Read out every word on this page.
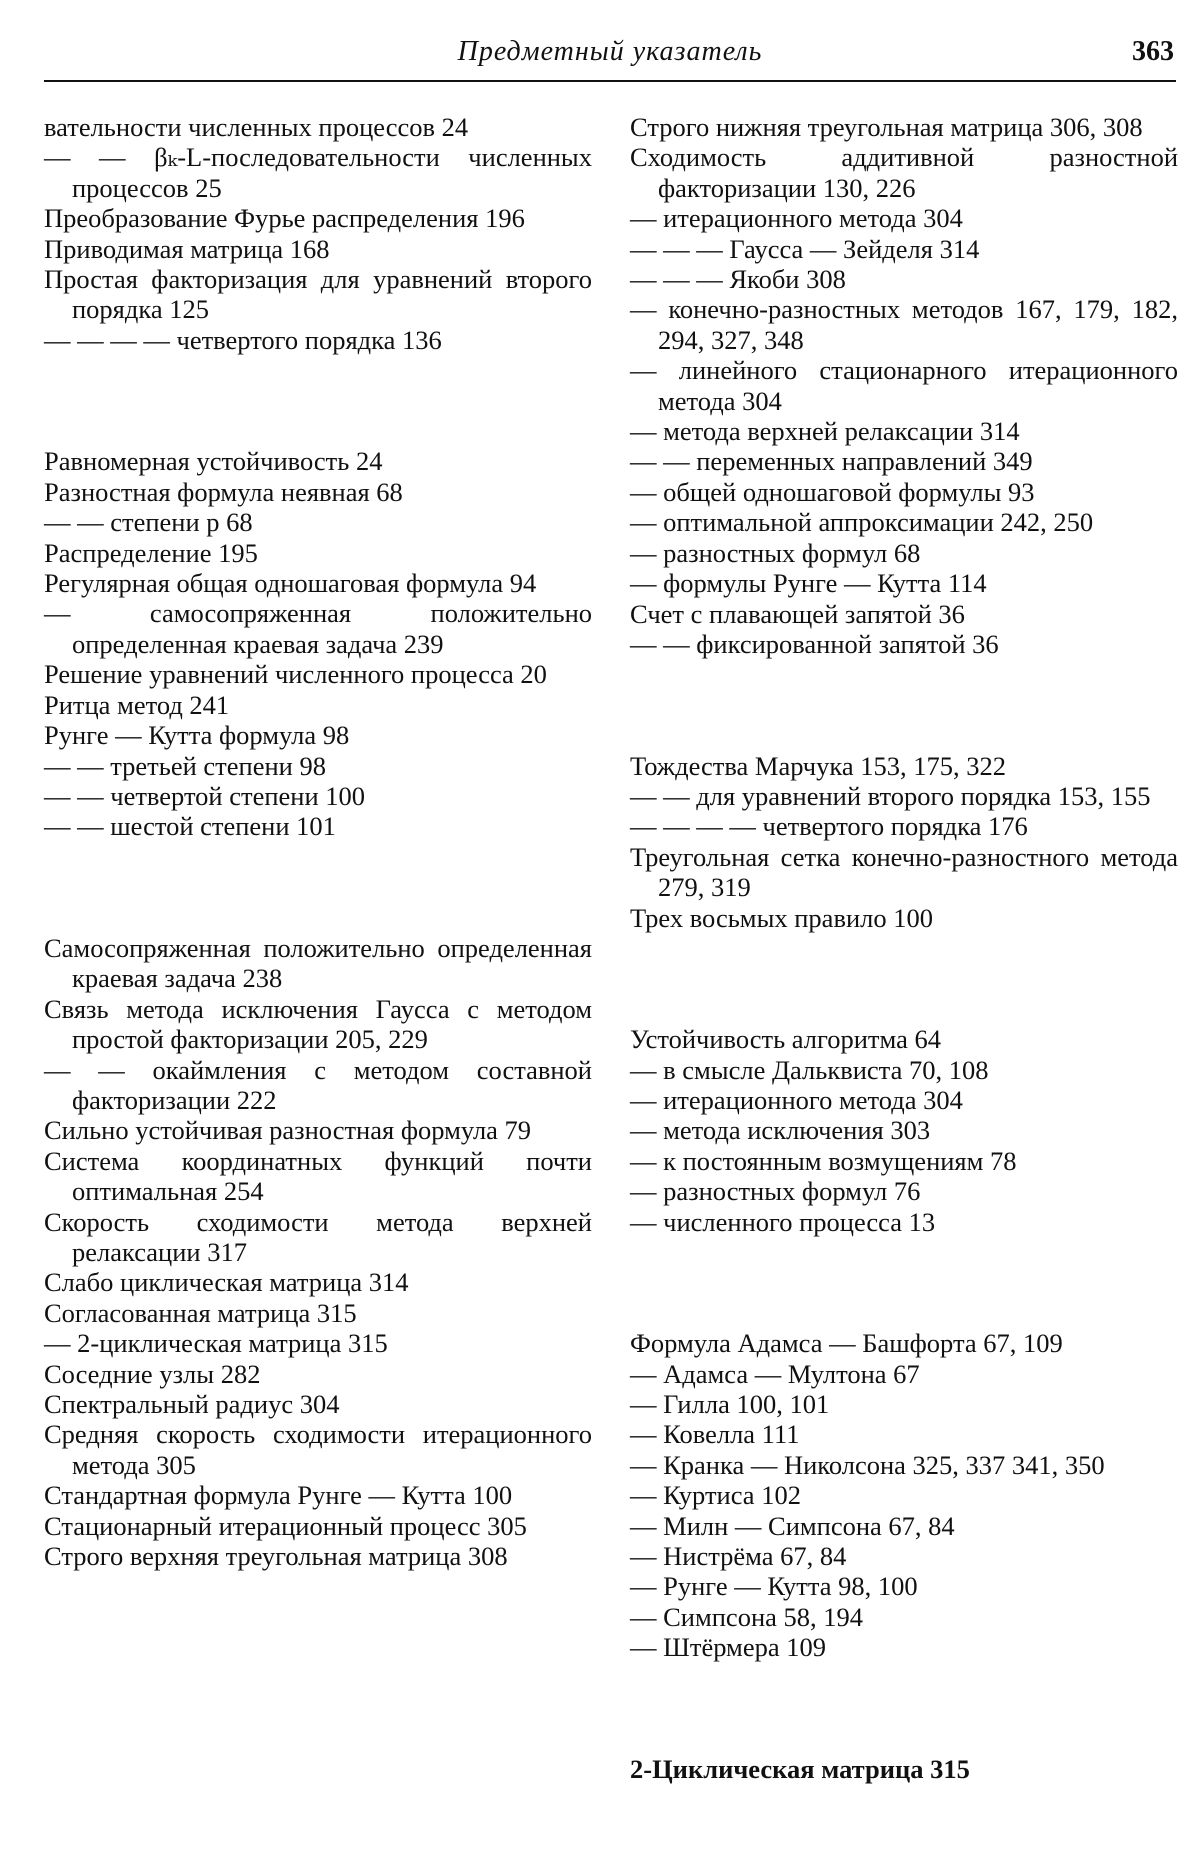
Предметный указатель	363

вательности численных процессов 24

— — βₖ-L-последовательности численных процессов 25

Преобразование Фурье распределения 196

Приводимая матрица 168

Простая факторизация для уравнений второго порядка 125

— — — — четвертого порядка 136

Равномерная устойчивость 24

Разностная формула неявная 68

— — степени p 68

Распределение 195

Регулярная общая одношаговая формула 94

— самосопряженная положительно определенная краевая задача 239

Решение уравнений численного процесса 20

Ритца метод 241

Рунге — Кутта формула 98

— — третьей степени 98

— — четвертой степени 100

— — шестой степени 101

Самосопряженная положительно определенная краевая задача 238

Связь метода исключения Гаусса с методом простой факторизации 205, 229

— — окаймления с методом составной факторизации 222

Сильно устойчивая разностная формула 79

Система координатных функций почти оптимальная 254

Скорость сходимости метода верхней релаксации 317

Слабо циклическая матрица 314

Согласованная матрица 315

— 2-циклическая матрица 315

Соседние узлы 282

Спектральный радиус 304

Средняя скорость сходимости итерационного метода 305

Стандартная формула Рунге — Кутта 100

Стационарный итерационный процесс 305

Строго верхняя треугольная матрица 308

Строго нижняя треугольная матрица 306, 308

Сходимость аддитивной разностной факторизации 130, 226

— итерационного метода 304

— — — Гаусса — Зейделя 314

— — — Якоби 308

— конечно-разностных методов 167, 179, 182, 294, 327, 348

— линейного стационарного итерационного метода 304

— метода верхней релаксации 314

— — переменных направлений 349

— общей одношаговой формулы 93

— оптимальной аппроксимации 242, 250

— разностных формул 68

— формулы Рунге — Кутта 114

Счет с плавающей запятой 36

— — фиксированной запятой 36

Тождества Марчука 153, 175, 322

— — для уравнений второго порядка 153, 155

— — — — четвертого порядка 176

Треугольная сетка конечно-разностного метода 279, 319

Трех восьмых правило 100

Устойчивость алгоритма 64

— в смысле Дальквиста 70, 108

— итерационного метода 304

— метода исключения 303

— к постоянным возмущениям 78

— разностных формул 76

— численного процесса 13

Формула Адамса — Башфорта 67, 109

— Адамса — Мултона 67

— Гилла 100, 101

— Ковелла 111

— Кранка — Николсона 325, 337 341, 350

— Куртиса 102

— Милн — Симпсона 67, 84

— Нистрёма 67, 84

— Рунге — Кутта 98, 100

— Симпсона 58, 194

— Штёрмера 109

2-Циклическая матрица 315
